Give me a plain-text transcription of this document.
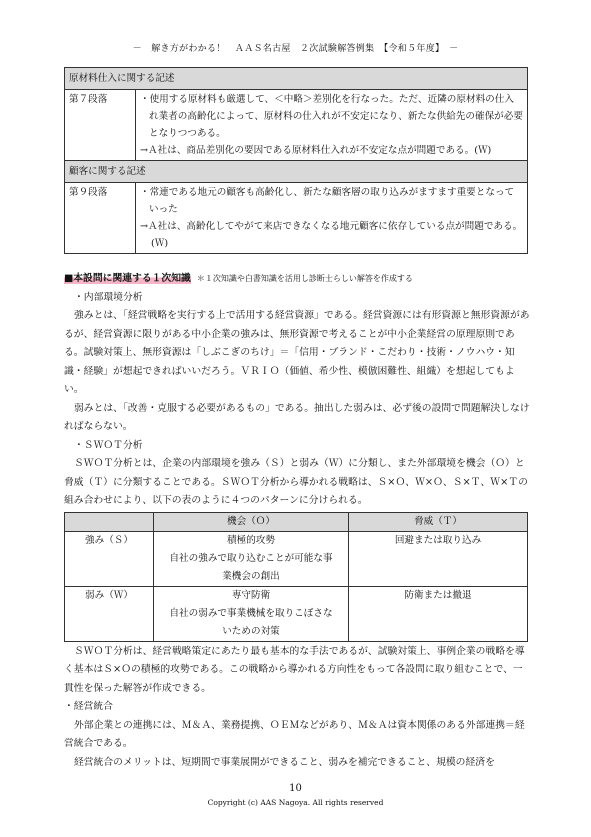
－　解き方がわかる！　ＡＡＳ名古屋　２次試験解答例集　【令和５年度】　－
原材料仕入に関する記述	
第７段落	・使用する原材料も厳選して、＜中略＞差別化を行なった。ただ、近隣の原材料の仕入れ業者の高齢化によって、原材料の仕入れが不安定になり、新たな供給先の確保が必要となりつつある。
→Ａ社は、商品差別化の要因である原材料仕入れが不安定な点が問題である。(Ｗ)

顧客に関する記述	
第９段落	・常連である地元の顧客も高齢化し、新たな顧客層の取り込みがますます重要となっていった
→Ａ社は、高齢化してやがて来店できなくなる地元顧客に依存している点が問題である。(Ｗ)
■本設問に関連する１次知識 ＊１次知識や白書知識を活用し診断士らしい解答を作成する

・内部環境分析

強みとは、「経営戦略を実行する上で活用する経営資源」である。経営資源には有形資源と無形資源があるが、経営資源に限りがある中小企業の強みは、無形資源で考えることが中小企業経営の原理原則である。試験対策上、無形資源は「しぶこぎのちけ」＝「信用・ブランド・こだわり・技術・ノウハウ・知識・経験」が想起できればいいだろう。ＶＲＩＯ（価値、希少性、模倣困難性、組織）を想起してもよい。

弱みとは、「改善・克服する必要があるもの」である。抽出した弱みは、必ず後の設問で問題解決しなければならない。

・ＳＷＯＴ分析

ＳＷＯＴ分析とは、企業の内部環境を強み（Ｓ）と弱み（Ｗ）に分類し、また外部環境を機会（Ｏ）と脅威（Ｔ）に分類することである。ＳＷＯＴ分析から導かれる戦略は、Ｓ×Ｏ、Ｗ×Ｏ、Ｓ×Ｔ、Ｗ×Ｔの組み合わせにより、以下の表のように４つのパターンに分けられる。

	機会（Ｏ）	脅威（Ｔ）
強み（Ｓ）	積極的攻勢
自社の強みで取り込むことが可能な事
業機会の創出	回避または取り込み

弱み（Ｗ）	専守防衛
自社の弱みで事業機械を取りこぼさな
いための対策	防衛または撤退

ＳＷＯＴ分析は、経営戦略策定にあたり最も基本的な手法であるが、試験対策上、事例企業の戦略を導く基本はＳ×Ｏの積極的攻勢である。この戦略から導かれる方向性をもって各設問に取り組むことで、一貫性を保った解答が作成できる。

・経営統合

外部企業との連携には、Ｍ＆Ａ、業務提携、ＯＥＭなどがあり、Ｍ＆Ａは資本関係のある外部連携＝経営統合である。

経営統合のメリットは、短期間で事業展開ができること、弱みを補完できること、規模の経済を

10
Copyright (c) AAS Nagoya. All rights reserved
